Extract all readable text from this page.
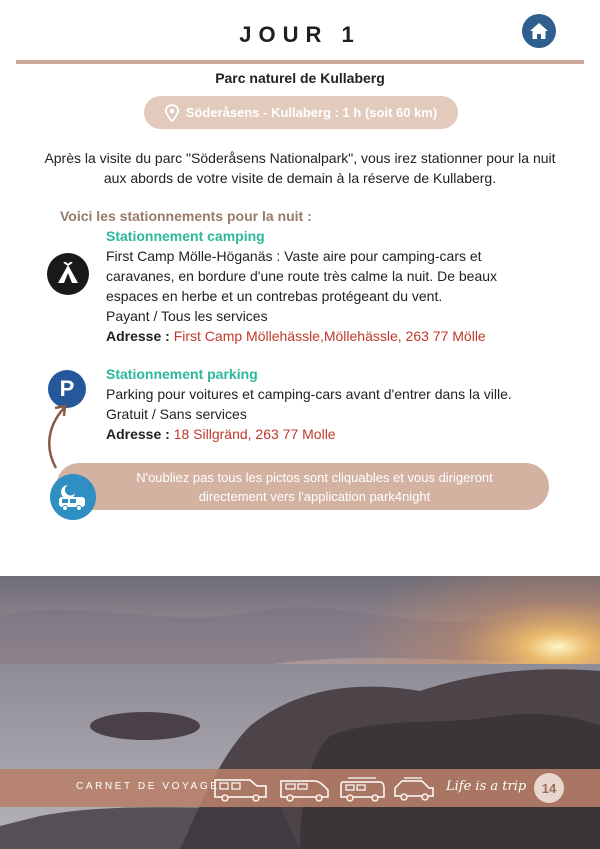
JOUR 1
Parc naturel de Kullaberg
Söderåsens - Kullaberg : 1 h (soit 60 km)
Après la visite du parc "Söderåsens Nationalpark", vous irez stationner pour la nuit aux abords de votre visite de demain à la réserve de Kullaberg.
Voici les stationnements pour la nuit :
Stationnement camping
First Camp Mölle-Höganäs : Vaste aire pour camping-cars et caravanes, en bordure d'une route très calme la nuit. De beaux espaces en herbe et un contrebas protégeant du vent.
Payant / Tous les services
Adresse : First Camp Möllehässle,Möllehässle, 263 77 Mölle
P
Stationnement parking
Parking pour voitures et camping-cars avant d'entrer dans la ville.
Gratuit / Sans services
Adresse : 18 Sillgränd, 263 77 Molle
N'oubliez pas tous les pictos sont cliquables et vous dirigeront
directement vers l'application park4night
CARNET DE VOYAGE	Life is a trip	14
